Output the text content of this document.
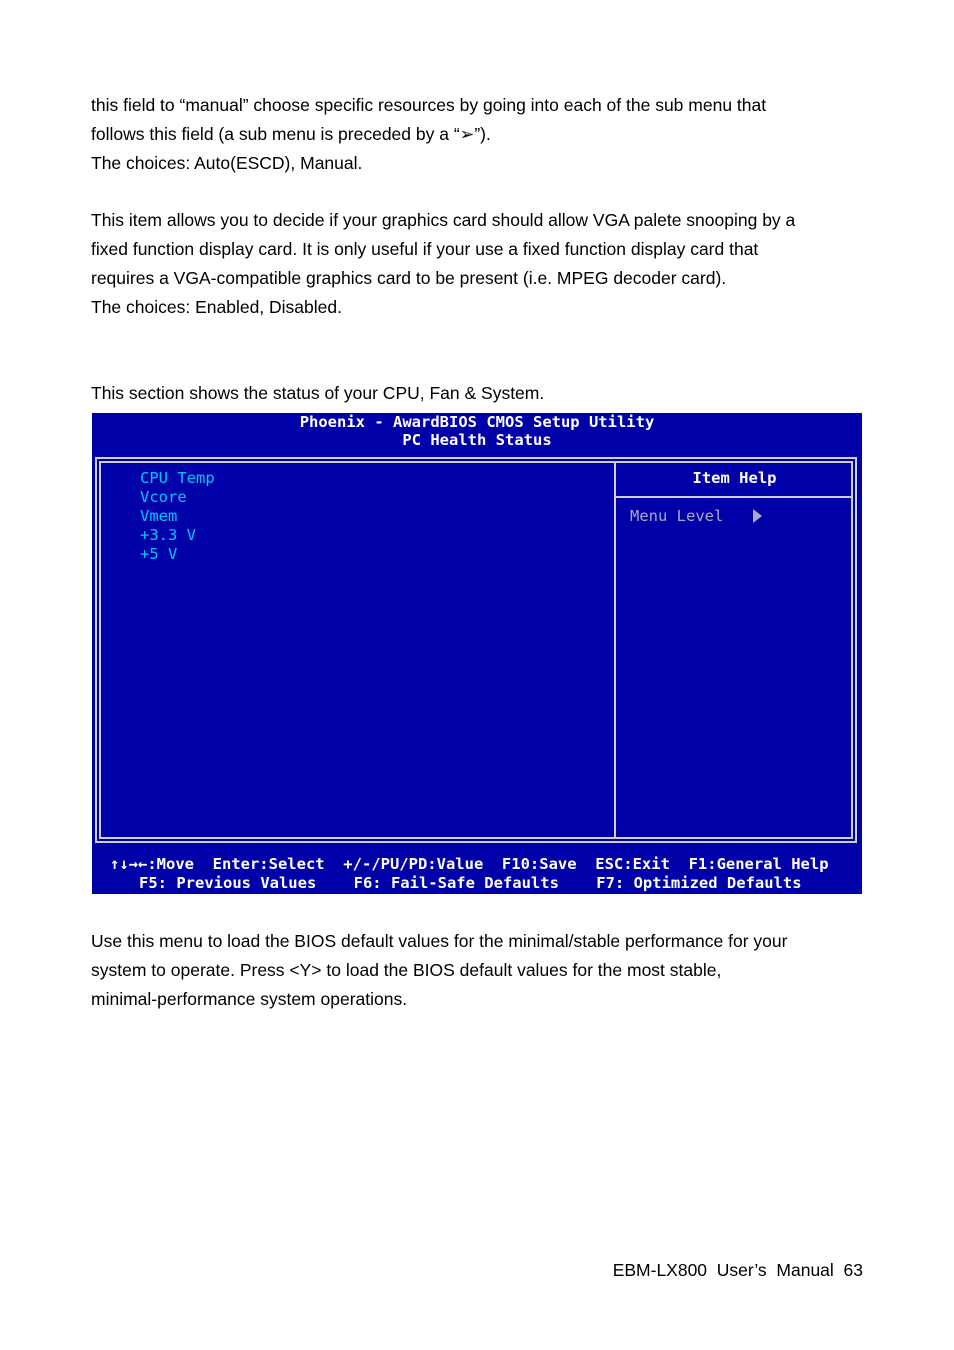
this field to “manual” choose specific resources by going into each of the sub menu that
follows this field (a sub menu is preceded by a “➢”).
The choices: Auto(ESCD), Manual.
This item allows you to decide if your graphics card should allow VGA palete snooping by a
fixed function display card. It is only useful if your use a fixed function display card that
requires a VGA-compatible graphics card to be present (i.e. MPEG decoder card).
The choices: Enabled, Disabled.
This section shows the status of your CPU, Fan & System.
Phoenix - AwardBIOS CMOS Setup Utility
PC Health Status
CPU Temp
Vcore
Vmem
+3.3 V
+5 V
Item Help
Menu Level
↑↓→←:Move  Enter:Select  +/-/PU/PD:Value  F10:Save  ESC:Exit  F1:General Help
F5: Previous Values    F6: Fail-Safe Defaults    F7: Optimized Defaults
Use this menu to load the BIOS default values for the minimal/stable performance for your
system to operate. Press <Y> to load the BIOS default values for the most stable,
minimal-performance system operations.
EBM-LX800  User’s  Manual  63
